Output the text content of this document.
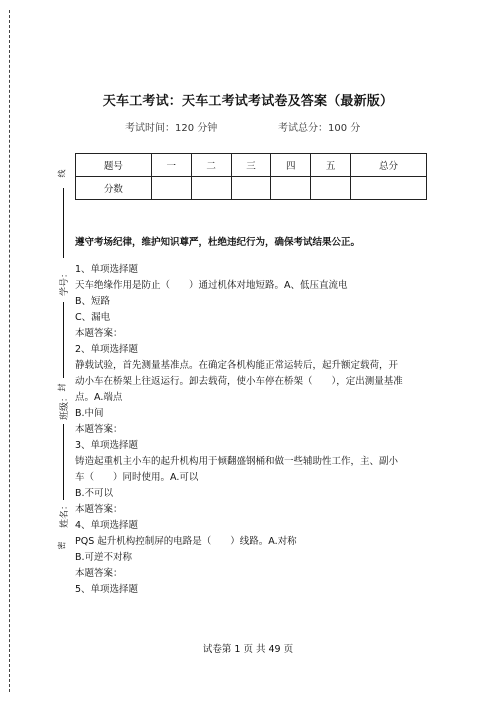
线
学号：
封
班级：
姓名：
密
天车工考试：天车工考试考试卷及答案（最新版）
考试时间：120 分钟	考试总分：100 分
题号	一	二	三	四	五	总分
分数						
遵守考场纪律，维护知识尊严，杜绝违纪行为，确保考试结果公正。
1、单项选择题
天车绝缘作用是防止（　　）通过机体对地短路。A、低压直流电
B、短路
C、漏电
本题答案：
2、单项选择题
静载试验，首先测量基准点。在确定各机构能正常运转后，起升额定载荷，开
动小车在桥架上往返运行。卸去载荷，使小车停在桥架（　　），定出测量基准
点。A.端点
B.中间
本题答案：
3、单项选择题
铸造起重机主小车的起升机构用于倾翻盛钢桶和做一些辅助性工作，主、副小
车（　　）同时使用。A.可以
B.不可以
本题答案：
4、单项选择题
PQS 起升机构控制屏的电路是（　　）线路。A.对称
B.可逆不对称
本题答案：
5、单项选择题
试卷第 1 页 共 49 页
